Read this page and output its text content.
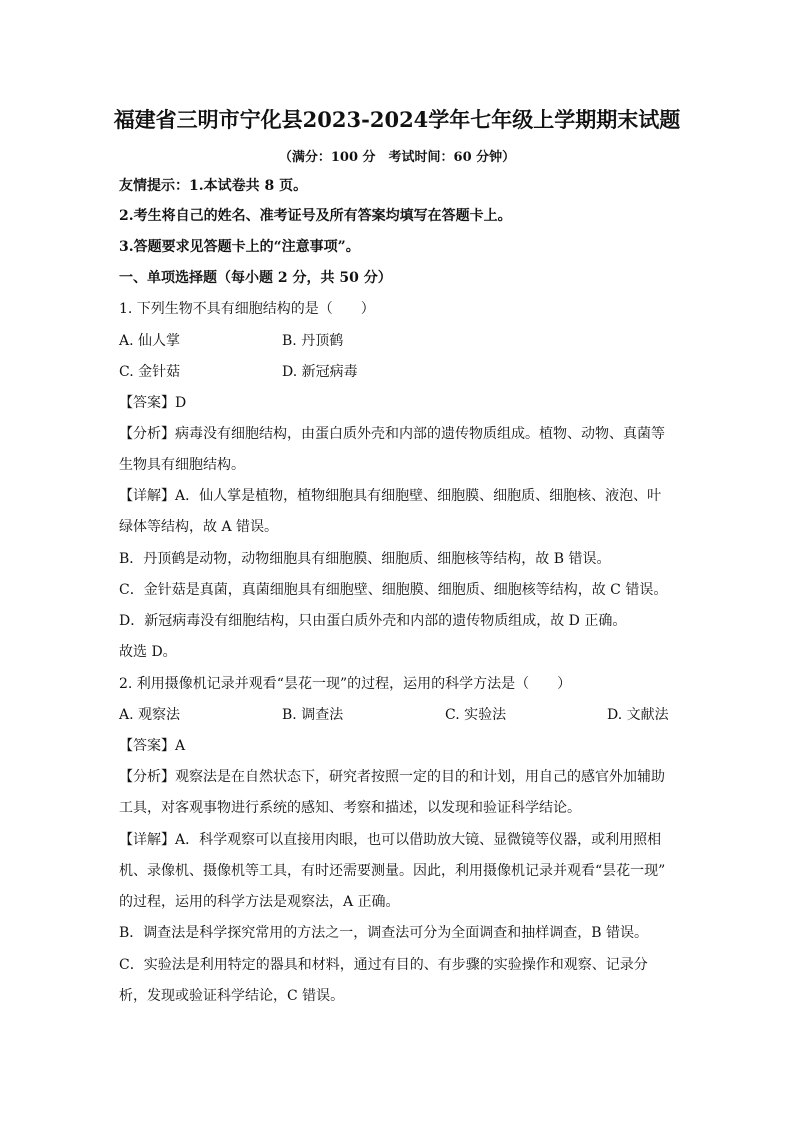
福建省三明市宁化县2023-2024学年七年级上学期期末试题
（满分：100 分　考试时间：60 分钟）
友情提示：1.本试卷共 8 页。
2.考生将自己的姓名、准考证号及所有答案均填写在答题卡上。
3.答题要求见答题卡上的“注意事项”。
一、单项选择题（每小题 2 分，共 50 分）
1. 下列生物不具有细胞结构的是（　　）
A. 仙人掌	B. 丹顶鹤
C. 金针菇	D. 新冠病毒
【答案】D
【分析】病毒没有细胞结构，由蛋白质外壳和内部的遗传物质组成。植物、动物、真菌等
生物具有细胞结构。
【详解】A．仙人掌是植物，植物细胞具有细胞壁、细胞膜、细胞质、细胞核、液泡、叶
绿体等结构，故 A 错误。
B．丹顶鹤是动物，动物细胞具有细胞膜、细胞质、细胞核等结构，故 B 错误。
C．金针菇是真菌，真菌细胞具有细胞壁、细胞膜、细胞质、细胞核等结构，故 C 错误。
D．新冠病毒没有细胞结构，只由蛋白质外壳和内部的遗传物质组成，故 D 正确。
故选 D。
2. 利用摄像机记录并观看“昙花一现”的过程，运用的科学方法是（　　）
A. 观察法	B. 调查法	C. 实验法	D. 文献法
【答案】A
【分析】观察法是在自然状态下，研究者按照一定的目的和计划，用自己的感官外加辅助
工具，对客观事物进行系统的感知、考察和描述，以发现和验证科学结论。
【详解】A．科学观察可以直接用肉眼，也可以借助放大镜、显微镜等仪器，或利用照相
机、录像机、摄像机等工具，有时还需要测量。因此，利用摄像机记录并观看“昙花一现”
的过程，运用的科学方法是观察法，A 正确。
B．调查法是科学探究常用的方法之一，调查法可分为全面调查和抽样调查，B 错误。
C．实验法是利用特定的器具和材料，通过有目的、有步骤的实验操作和观察、记录分
析，发现或验证科学结论，C 错误。
